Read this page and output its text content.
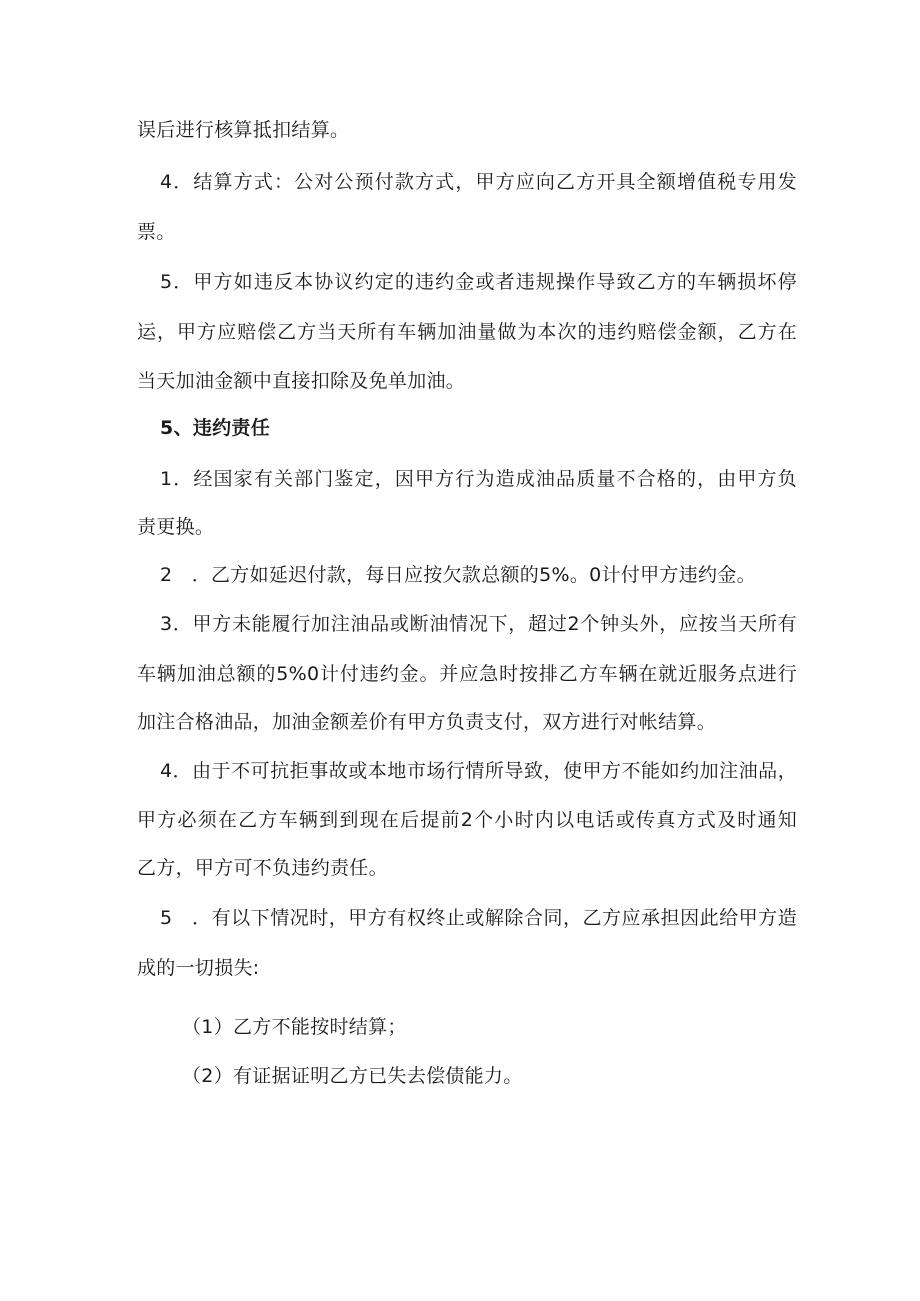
误后进行核算抵扣结算。
4．结算方式：公对公预付款方式，甲方应向乙方开具全额增值税专用发
票。
5．甲方如违反本协议约定的违约金或者违规操作导致乙方的车辆损坏停
运，甲方应赔偿乙方当天所有车辆加油量做为本次的违约赔偿金额，乙方在
当天加油金额中直接扣除及免单加油。
5、违约责任
1．经国家有关部门鉴定，因甲方行为造成油品质量不合格的，由甲方负
责更换。
2　．乙方如延迟付款，每日应按欠款总额的5%。0计付甲方违约金。
3．甲方未能履行加注油品或断油情况下，超过2个钟头外，应按当天所有
车辆加油总额的5%0计付违约金。并应急时按排乙方车辆在就近服务点进行
加注合格油品，加油金额差价有甲方负责支付，双方进行对帐结算。
4．由于不可抗拒事故或本地市场行情所导致，使甲方不能如约加注油品，
甲方必须在乙方车辆到到现在后提前2个小时内以电话或传真方式及时通知
乙方，甲方可不负违约责任。
5　．有以下情况时，甲方有权终止或解除合同，乙方应承担因此给甲方造
成的一切损失:
（1）乙方不能按时结算；
（2）有证据证明乙方已失去偿债能力。
